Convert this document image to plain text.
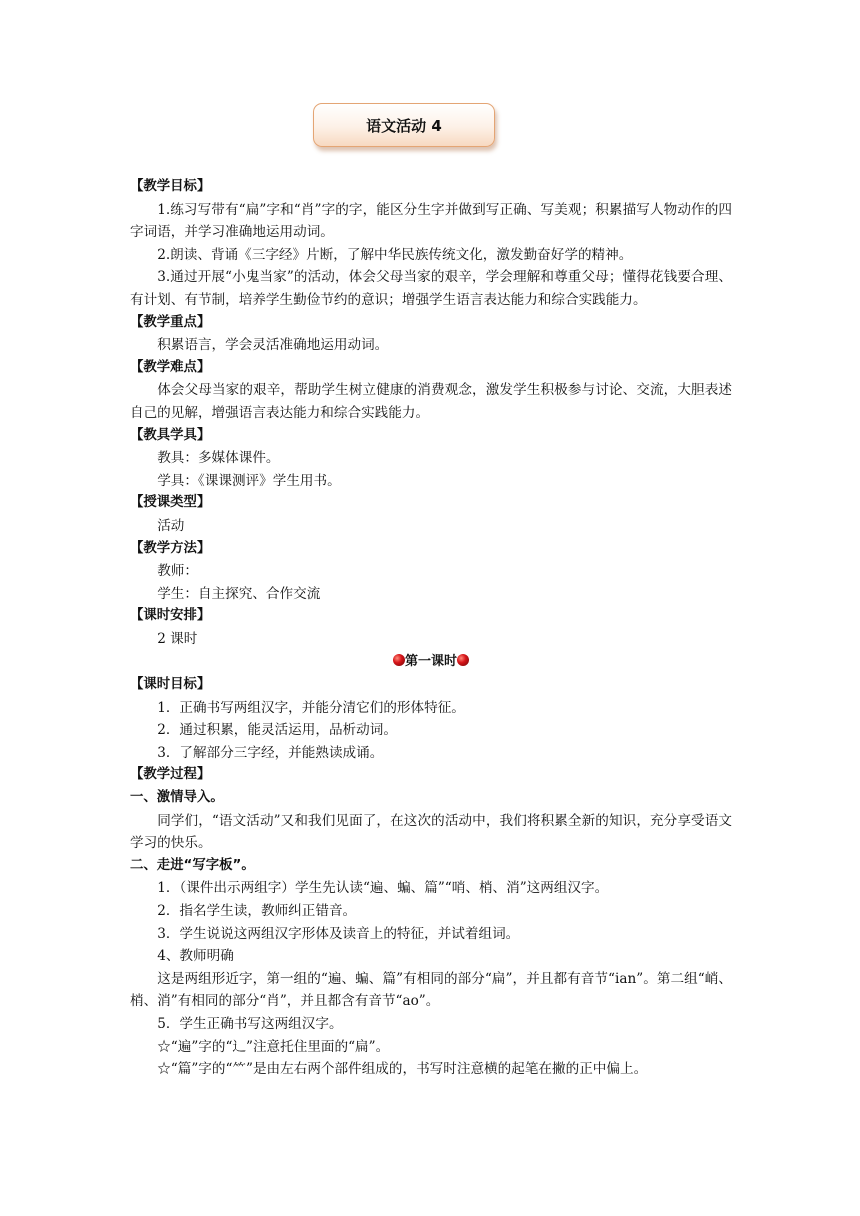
语文活动 4
【教学目标】
1.练习写带有“扁”字和“肖”字的字，能区分生字并做到写正确、写美观；积累描写人物动作的四字词语，并学习准确地运用动词。
2.朗读、背诵《三字经》片断，了解中华民族传统文化，激发勤奋好学的精神。
3.通过开展“小鬼当家”的活动，体会父母当家的艰辛，学会理解和尊重父母；懂得花钱要合理、有计划、有节制，培养学生勤俭节约的意识；增强学生语言表达能力和综合实践能力。
【教学重点】
积累语言，学会灵活准确地运用动词。
【教学难点】
体会父母当家的艰辛，帮助学生树立健康的消费观念，激发学生积极参与讨论、交流，大胆表述自己的见解，增强语言表达能力和综合实践能力。
【教具学具】
教具：多媒体课件。
学具：《课课测评》学生用书。
【授课类型】
活动
【教学方法】
教师：
学生：自主探究、合作交流
【课时安排】
2 课时
第一课时
【课时目标】
1．正确书写两组汉字，并能分清它们的形体特征。
2．通过积累，能灵活运用，品析动词。
3．了解部分三字经，并能熟读成诵。
【教学过程】
一、激情导入。
同学们，“语文活动”又和我们见面了，在这次的活动中，我们将积累全新的知识，充分享受语文学习的快乐。
二、走进“写字板”。
1．（课件出示两组字）学生先认读“遍、蝙、篇”“哨、梢、消”这两组汉字。
2．指名学生读，教师纠正错音。
3．学生说说这两组汉字形体及读音上的特征，并试着组词。
4、教师明确
这是两组形近字，第一组的“遍、蝙、篇”有相同的部分“扁”，并且都有音节“ian”。第二组“峭、梢、消”有相同的部分“肖”，并且都含有音节“ao”。
5．学生正确书写这两组汉字。
☆“遍”字的“辶”注意托住里面的“扁”。
☆“篇”字的“⺮”是由左右两个部件组成的，书写时注意横的起笔在撇的正中偏上。
